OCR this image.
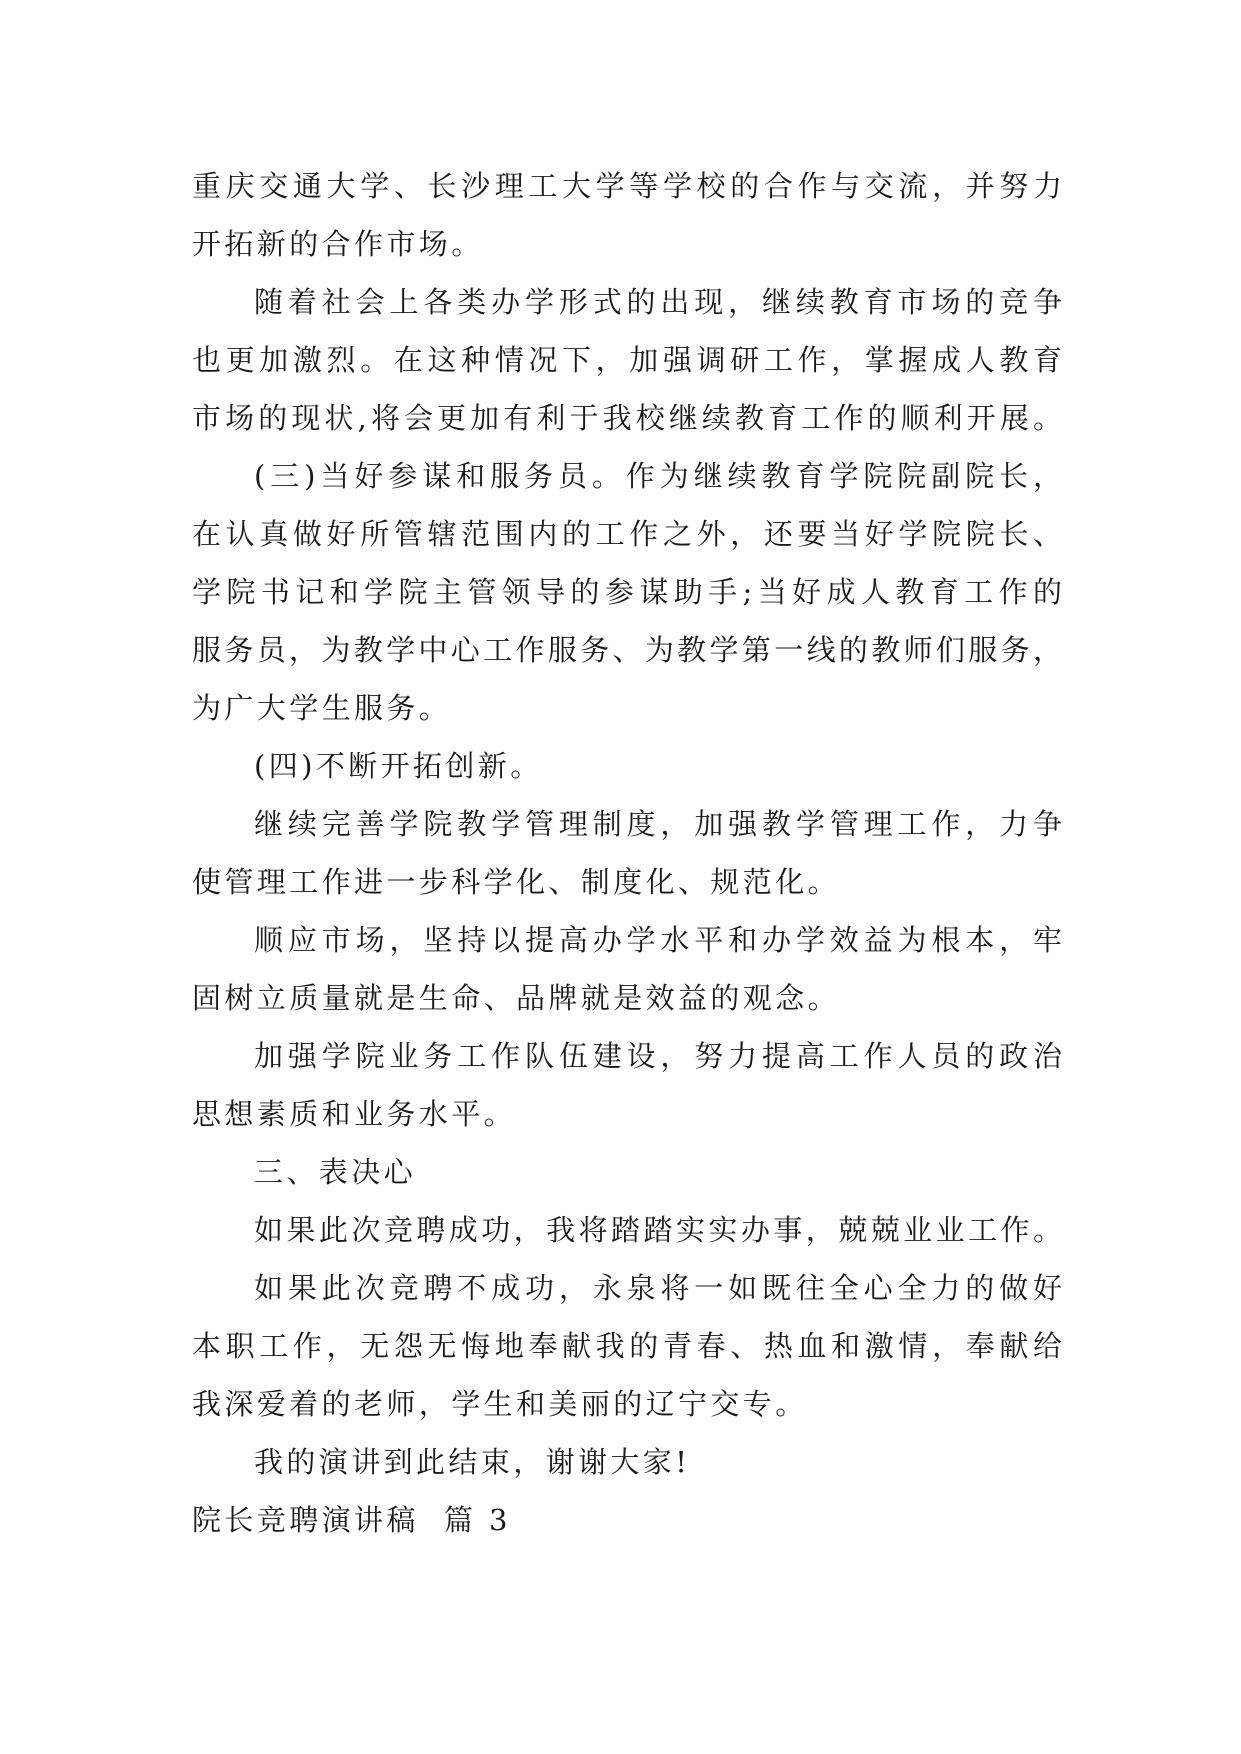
重庆交通大学、长沙理工大学等学校的合作与交流，并努力
开拓新的合作市场。
随着社会上各类办学形式的出现，继续教育市场的竞争
也更加激烈。在这种情况下，加强调研工作，掌握成人教育
市场的现状,将会更加有利于我校继续教育工作的顺利开展。
(三)当好参谋和服务员。作为继续教育学院院副院长，
在认真做好所管辖范围内的工作之外，还要当好学院院长、
学院书记和学院主管领导的参谋助手;当好成人教育工作的
服务员，为教学中心工作服务、为教学第一线的教师们服务，
为广大学生服务。
(四)不断开拓创新。
继续完善学院教学管理制度，加强教学管理工作，力争
使管理工作进一步科学化、制度化、规范化。
顺应市场，坚持以提高办学水平和办学效益为根本，牢
固树立质量就是生命、品牌就是效益的观念。
加强学院业务工作队伍建设，努力提高工作人员的政治
思想素质和业务水平。
三、表决心
如果此次竞聘成功，我将踏踏实实办事，兢兢业业工作。
如果此次竞聘不成功，永泉将一如既往全心全力的做好
本职工作，无怨无悔地奉献我的青春、热血和激情，奉献给
我深爱着的老师，学生和美丽的辽宁交专。
我的演讲到此结束，谢谢大家!
院长竞聘演讲稿  篇 3
